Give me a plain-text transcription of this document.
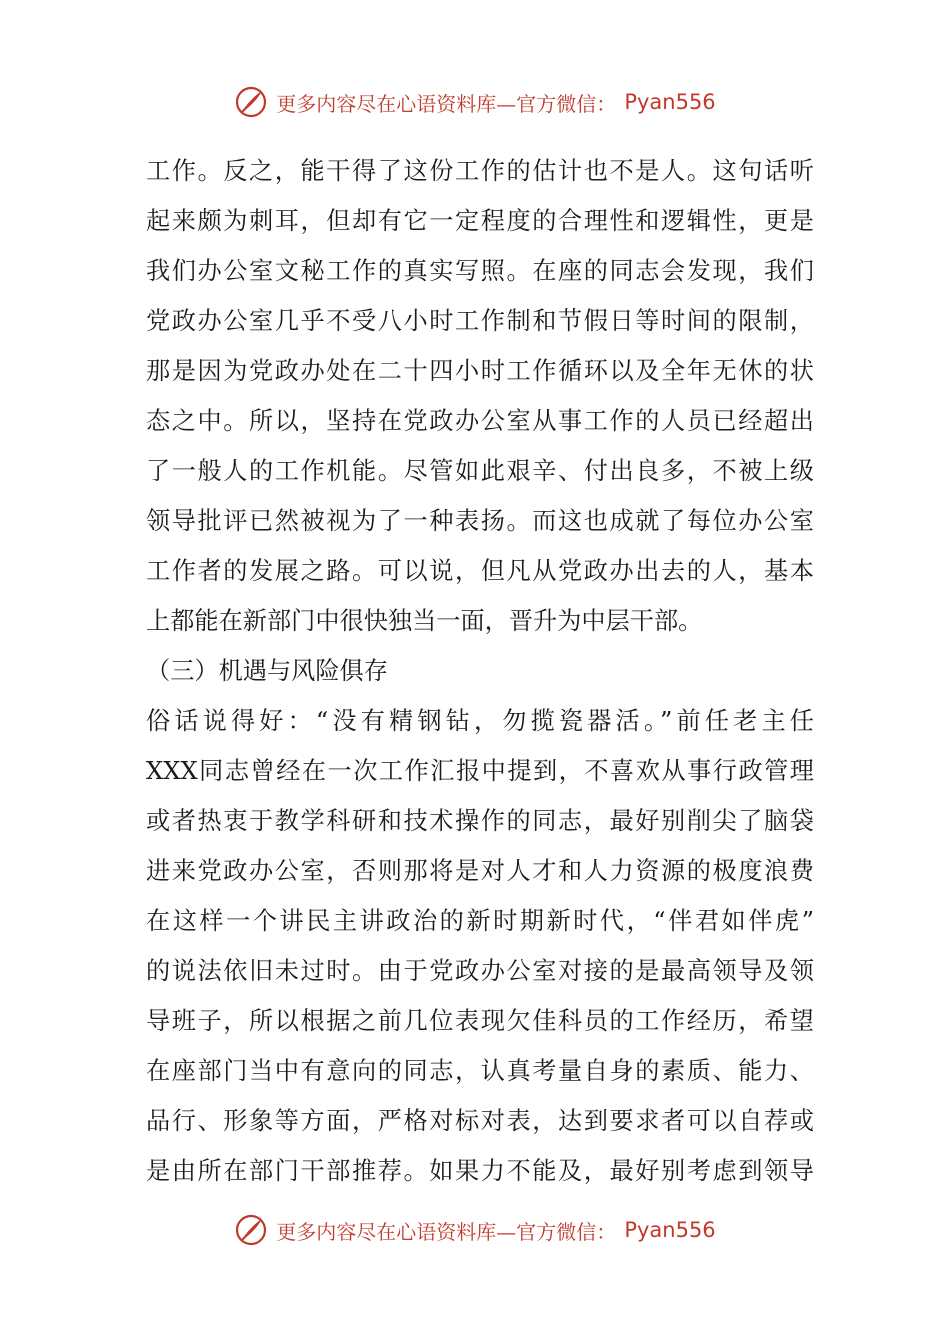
更多内容尽在心语资料库—官方微信： Pyan556
工作。反之，能干得了这份工作的估计也不是人。这句话听
起来颇为刺耳，但却有它一定程度的合理性和逻辑性，更是
我们办公室文秘工作的真实写照。在座的同志会发现，我们
党政办公室几乎不受八小时工作制和节假日等时间的限制，
那是因为党政办处在二十四小时工作循环以及全年无休的状
态之中。所以，坚持在党政办公室从事工作的人员已经超出
了一般人的工作机能。尽管如此艰辛、付出良多，不被上级
领导批评已然被视为了一种表扬。而这也成就了每位办公室
工作者的发展之路。可以说，但凡从党政办出去的人，基本
上都能在新部门中很快独当一面，晋升为中层干部。
（三）机遇与风险俱存
俗话说得好：“没有精钢钻，勿揽瓷器活。”前任老主任
XXX同志曾经在一次工作汇报中提到，不喜欢从事行政管理
或者热衷于教学科研和技术操作的同志，最好别削尖了脑袋
进来党政办公室，否则那将是对人才和人力资源的极度浪费
在这样一个讲民主讲政治的新时期新时代，“伴君如伴虎”
的说法依旧未过时。由于党政办公室对接的是最高领导及领
导班子，所以根据之前几位表现欠佳科员的工作经历，希望
在座部门当中有意向的同志，认真考量自身的素质、能力、
品行、形象等方面，严格对标对表，达到要求者可以自荐或
是由所在部门干部推荐。如果力不能及，最好别考虑到领导
更多内容尽在心语资料库—官方微信： Pyan556
